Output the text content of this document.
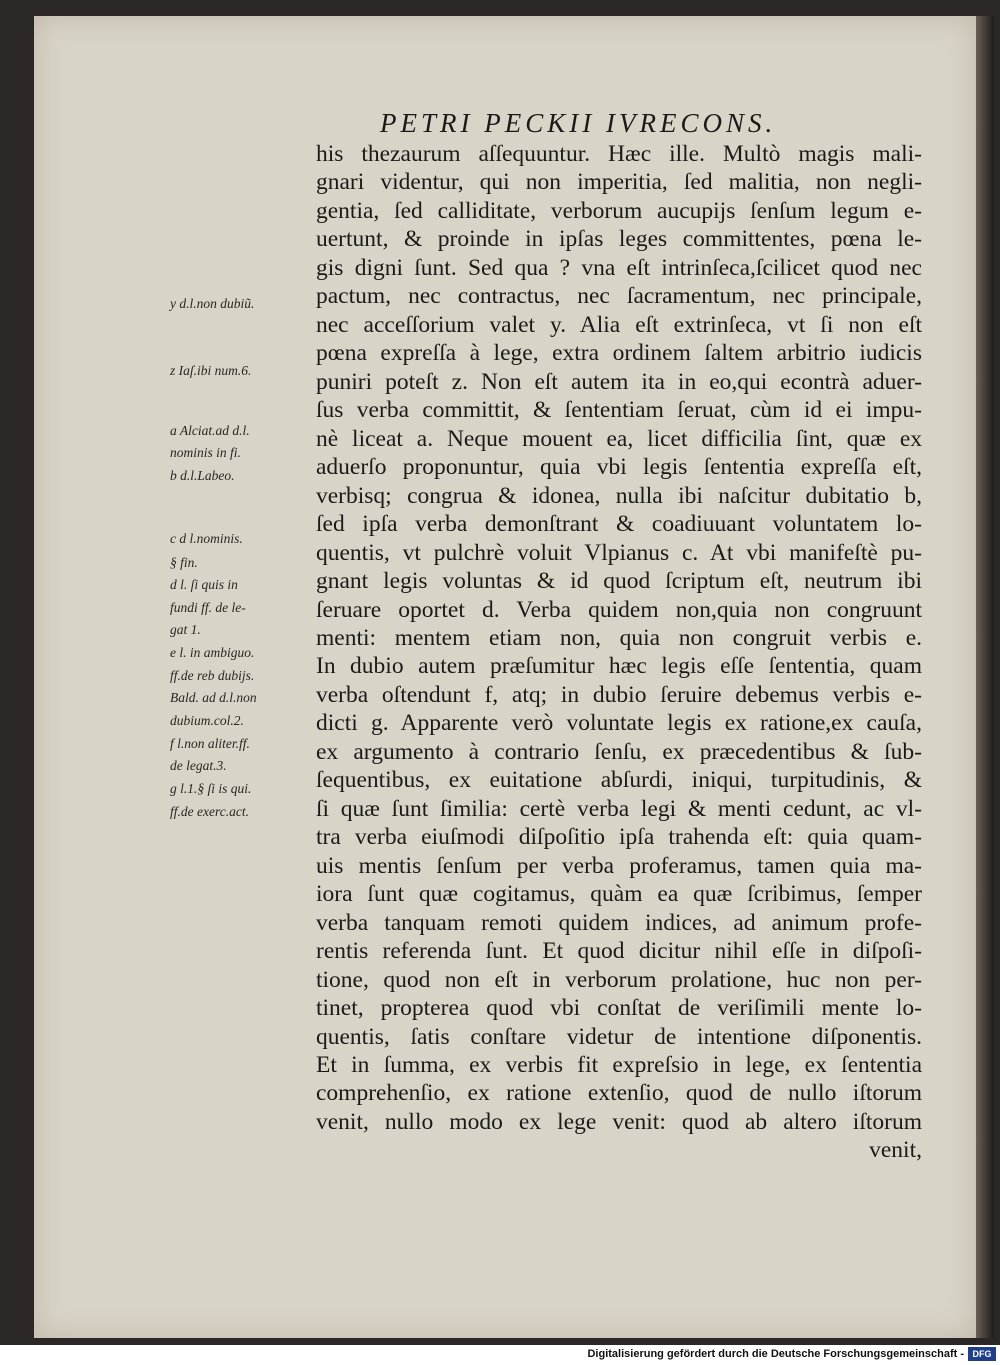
PETRI PECKII IVRECONS.
his thezaurum aſſequuntur. Hæc ille. Multò magis mali-
gnari videntur, qui non imperitia, ſed malitia, non negli-
gentia, ſed calliditate, verborum aucupijs ſenſum legum e-
uertunt, & proinde in ipſas leges committentes, pœna le-
gis digni ſunt. Sed qua ? vna eſt intrinſeca,ſcilicet quod nec
pactum, nec contractus, nec ſacramentum, nec principale,
nec acceſſorium valet y. Alia eſt extrinſeca, vt ſi non eſt
pœna expreſſa à lege, extra ordinem ſaltem arbitrio iudicis
puniri poteſt z. Non eſt autem ita in eo,qui econtrà aduer-
ſus verba committit, & ſententiam ſeruat, cùm id ei impu-
nè liceat a. Neque mouent ea, licet difficilia ſint, quæ ex
aduerſo proponuntur, quia vbi legis ſententia expreſſa eſt,
verbisq; congrua & idonea, nulla ibi naſcitur dubitatio b,
ſed ipſa verba demonſtrant & coadiuuant voluntatem lo-
quentis, vt pulchrè voluit Vlpianus c. At vbi manifeſtè pu-
gnant legis voluntas & id quod ſcriptum eſt, neutrum ibi
ſeruare oportet d. Verba quidem non,quia non congruunt
menti: mentem etiam non, quia non congruit verbis e.
In dubio autem præſumitur hæc legis eſſe ſententia, quam
verba oſtendunt f, atq; in dubio ſeruire debemus verbis e-
dicti g. Apparente verò voluntate legis ex ratione,ex cauſa,
ex argumento à contrario ſenſu, ex præcedentibus & ſub-
ſequentibus, ex euitatione abſurdi, iniqui, turpitudinis, &
ſi quæ ſunt ſimilia: certè verba legi & menti cedunt, ac vl-
tra verba eiuſmodi diſpoſitio ipſa trahenda eſt: quia quam-
uis mentis ſenſum per verba proferamus, tamen quia ma-
iora ſunt quæ cogitamus, quàm ea quæ ſcribimus, ſemper
verba tanquam remoti quidem indices, ad animum profe-
rentis referenda ſunt. Et quod dicitur nihil eſſe in diſpoſi-
tione, quod non eſt in verborum prolatione, huc non per-
tinet, propterea quod vbi conſtat de veriſimili mente lo-
quentis, ſatis conſtare videtur de intentione diſponentis.
Et in ſumma, ex verbis fit expreſsio in lege, ex ſententia
comprehenſio, ex ratione extenſio, quod de nullo iſtorum
venit, nullo modo ex lege venit: quod ab altero iſtorum
venit,
y d.l.non dubiũ.
z Iaſ.ibi num.6.
a Alciat.ad d.l.
nominis in fi.
b d.l.Labeo.
c d l.nominis.
§ fin.
d l. ſi quis in
fundi ff. de le-
gat 1.
e l. in ambiguo.
ff.de reb dubijs.
Bald. ad d.l.non
dubium.col.2.
f l.non aliter.ff.
de legat.3.
g l.1.§ ſi is qui.
ff.de exerc.act.
Digitalisierung gefördert durch die Deutsche Forschungsgemeinschaft - DFG
